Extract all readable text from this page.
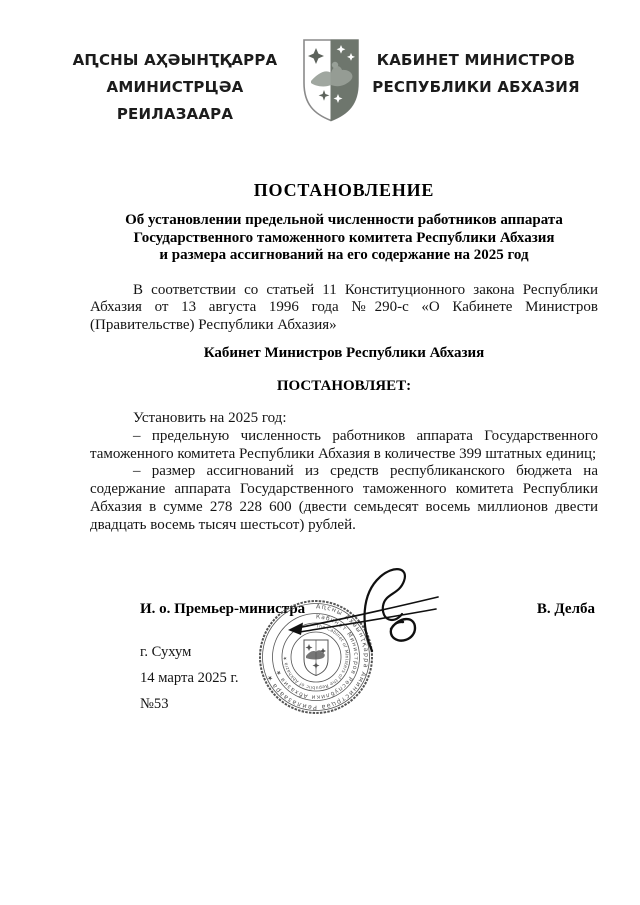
АԤСНЫ АҲӘЫНҬҚАРРА
АМИНИСТРЦӘА РЕИЛАЗААРА
КАБИНЕТ МИНИСТРОВ
РЕСПУБЛИКИ АБХАЗИЯ
ПОСТАНОВЛЕНИЕ
Об установлении предельной численности работников аппарата
Государственного таможенного комитета Республики Абхазия
и размера ассигнований на его содержание на 2025 год

В соответствии со статьей 11 Конституционного закона Республики Абхазия от 13 августа 1996 года №290-с «О Кабинете Министров (Правительстве) Республики Абхазия»

Кабинет Министров Республики Абхазия

ПОСТАНОВЛЯЕТ:

Установить на 2025 год:

– предельную численность работников аппарата Государственного таможенного комитета Республики Абхазия в количестве 399 штатных единиц;

– размер ассигнований из средств республиканского бюджета на содержание аппарата Государственного таможенного комитета Республики Абхазия в сумме 278 228 600 (двести семьдесят восемь миллионов двести двадцать восемь тысяч шестьсот) рублей.

И. о. Премьер-министра	В. Делба
г. Сухум
14 марта 2025 г.
№53
Аԥсны Аҳәынҭқарра Аминистрцәа Реилазаара ★
Кабинет Министров Республики Абхазия ★
The Cabinet of Ministers of the Republic of Abkhazia ★
